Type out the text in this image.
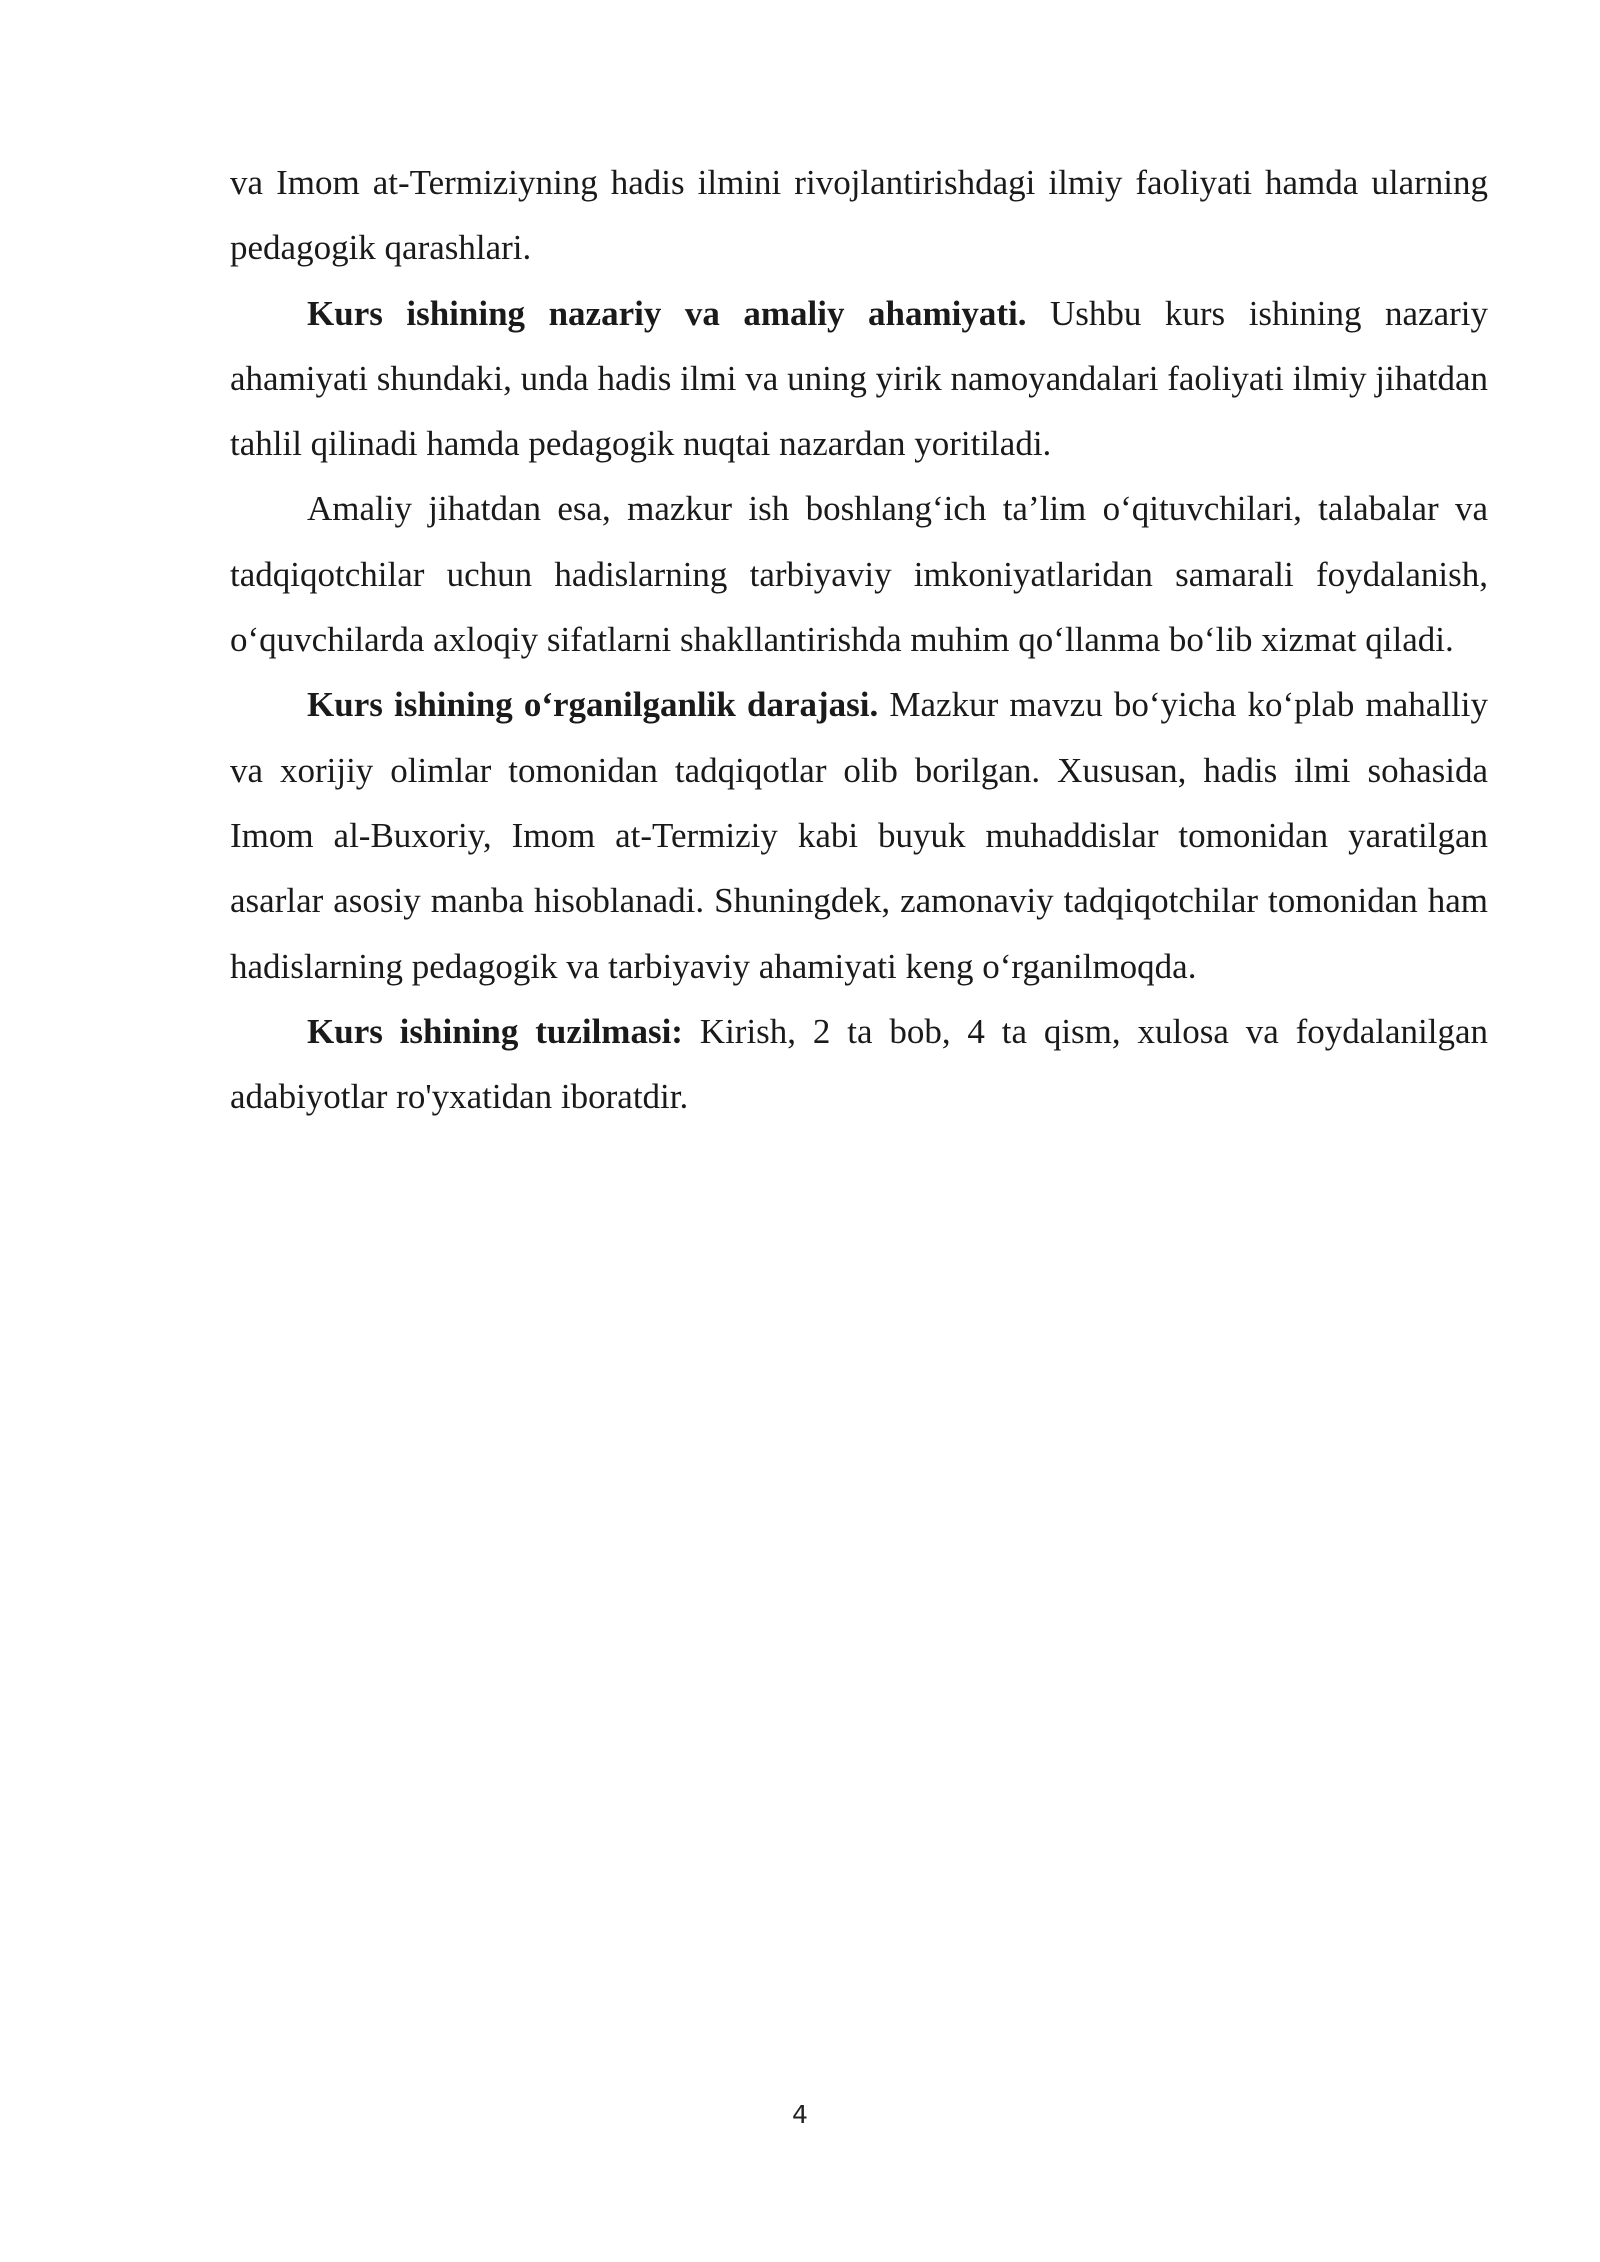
va Imom at-Termiziyning hadis ilmini rivojlantirishdagi ilmiy faoliyati hamda ularning pedagogik qarashlari.

Kurs ishining nazariy va amaliy ahamiyati. Ushbu kurs ishining nazariy ahamiyati shundaki, unda hadis ilmi va uning yirik namoyandalari faoliyati ilmiy jihatdan tahlil qilinadi hamda pedagogik nuqtai nazardan yoritiladi.

Amaliy jihatdan esa, mazkur ish boshlang‘ich ta’lim o‘qituvchilari, talabalar va tadqiqotchilar uchun hadislarning tarbiyaviy imkoniyatlaridan samarali foydalanish, o‘quvchilarda axloqiy sifatlarni shakllantirishda muhim qo‘llanma bo‘lib xizmat qiladi.

Kurs ishining o‘rganilganlik darajasi. Mazkur mavzu bo‘yicha ko‘plab mahalliy va xorijiy olimlar tomonidan tadqiqotlar olib borilgan. Xususan, hadis ilmi sohasida Imom al-Buxoriy, Imom at-Termiziy kabi buyuk muhaddislar tomonidan yaratilgan asarlar asosiy manba hisoblanadi. Shuningdek, zamonaviy tadqiqotchilar tomonidan ham hadislarning pedagogik va tarbiyaviy ahamiyati keng o‘rganilmoqda.

Kurs ishining tuzilmasi: Kirish, 2 ta bob, 4 ta qism, xulosa va foydalanilgan adabiyotlar ro'yxatidan iboratdir.

4
